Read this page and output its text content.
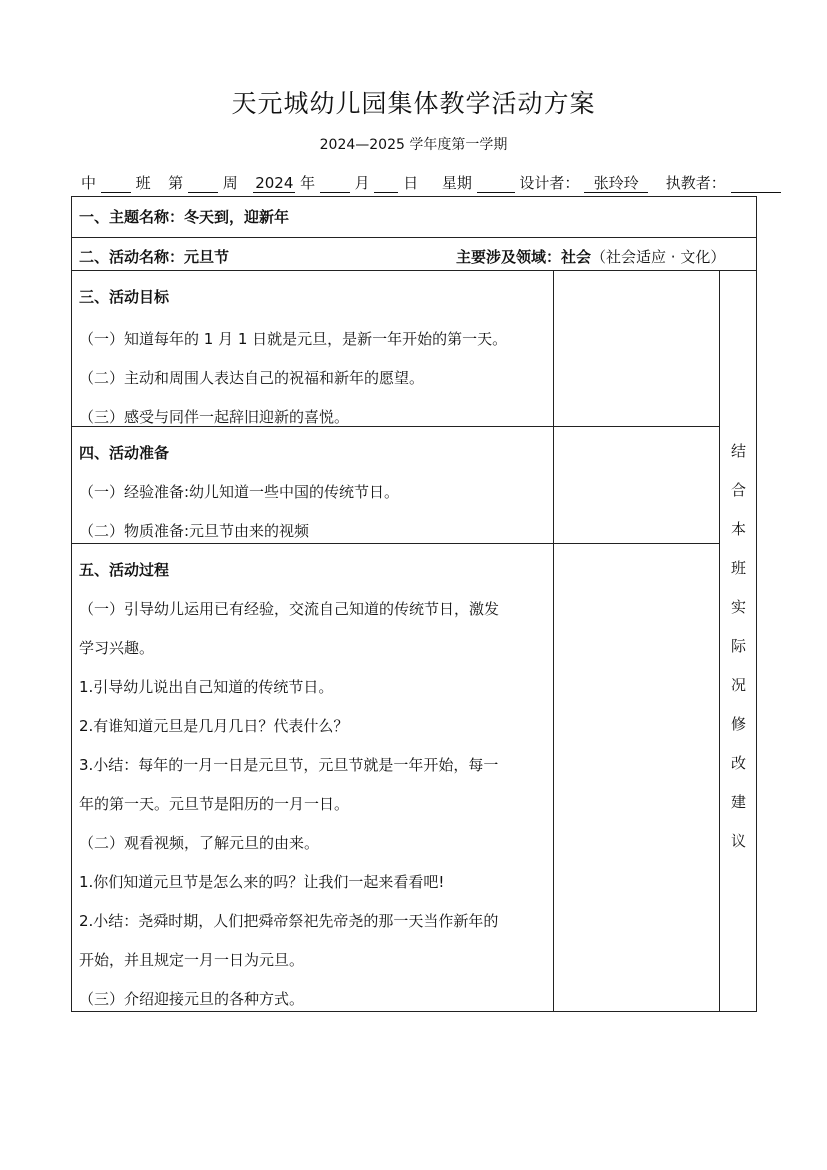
天元城幼儿园集体教学活动方案
2024—2025 学年度第一学期
中	班 第	周 2024 年	月 日 星期	设计者： 张玲玲 执教者：
一、主题名称：冬天到，迎新年
二、活动名称：元旦节	主要涉及领域：社会（社会适应 · 文化）
三、活动目标
（一）知道每年的 1 月 1 日就是元旦，是新一年开始的第一天。
（二）主动和周围人表达自己的祝福和新年的愿望。
（三）感受与同伴一起辞旧迎新的喜悦。
四、活动准备
（一）经验准备:幼儿知道一些中国的传统节日。
（二）物质准备:元旦节由来的视频
五、活动过程
（一）引导幼儿运用已有经验，交流自己知道的传统节日，激发
学习兴趣。
1.引导幼儿说出自己知道的传统节日。
2.有谁知道元旦是几月几日？代表什么？
3.小结：每年的一月一日是元旦节，元旦节就是一年开始，每一
年的第一天。元旦节是阳历的一月一日。
（二）观看视频，了解元旦的由来。
1.你们知道元旦节是怎么来的吗？让我们一起来看看吧!
2.小结：尧舜时期，人们把舜帝祭祀先帝尧的那一天当作新年的
开始，并且规定一月一日为元旦。
（三）介绍迎接元旦的各种方式。
结
合
本
班
实
际
况
修
改
建
议
